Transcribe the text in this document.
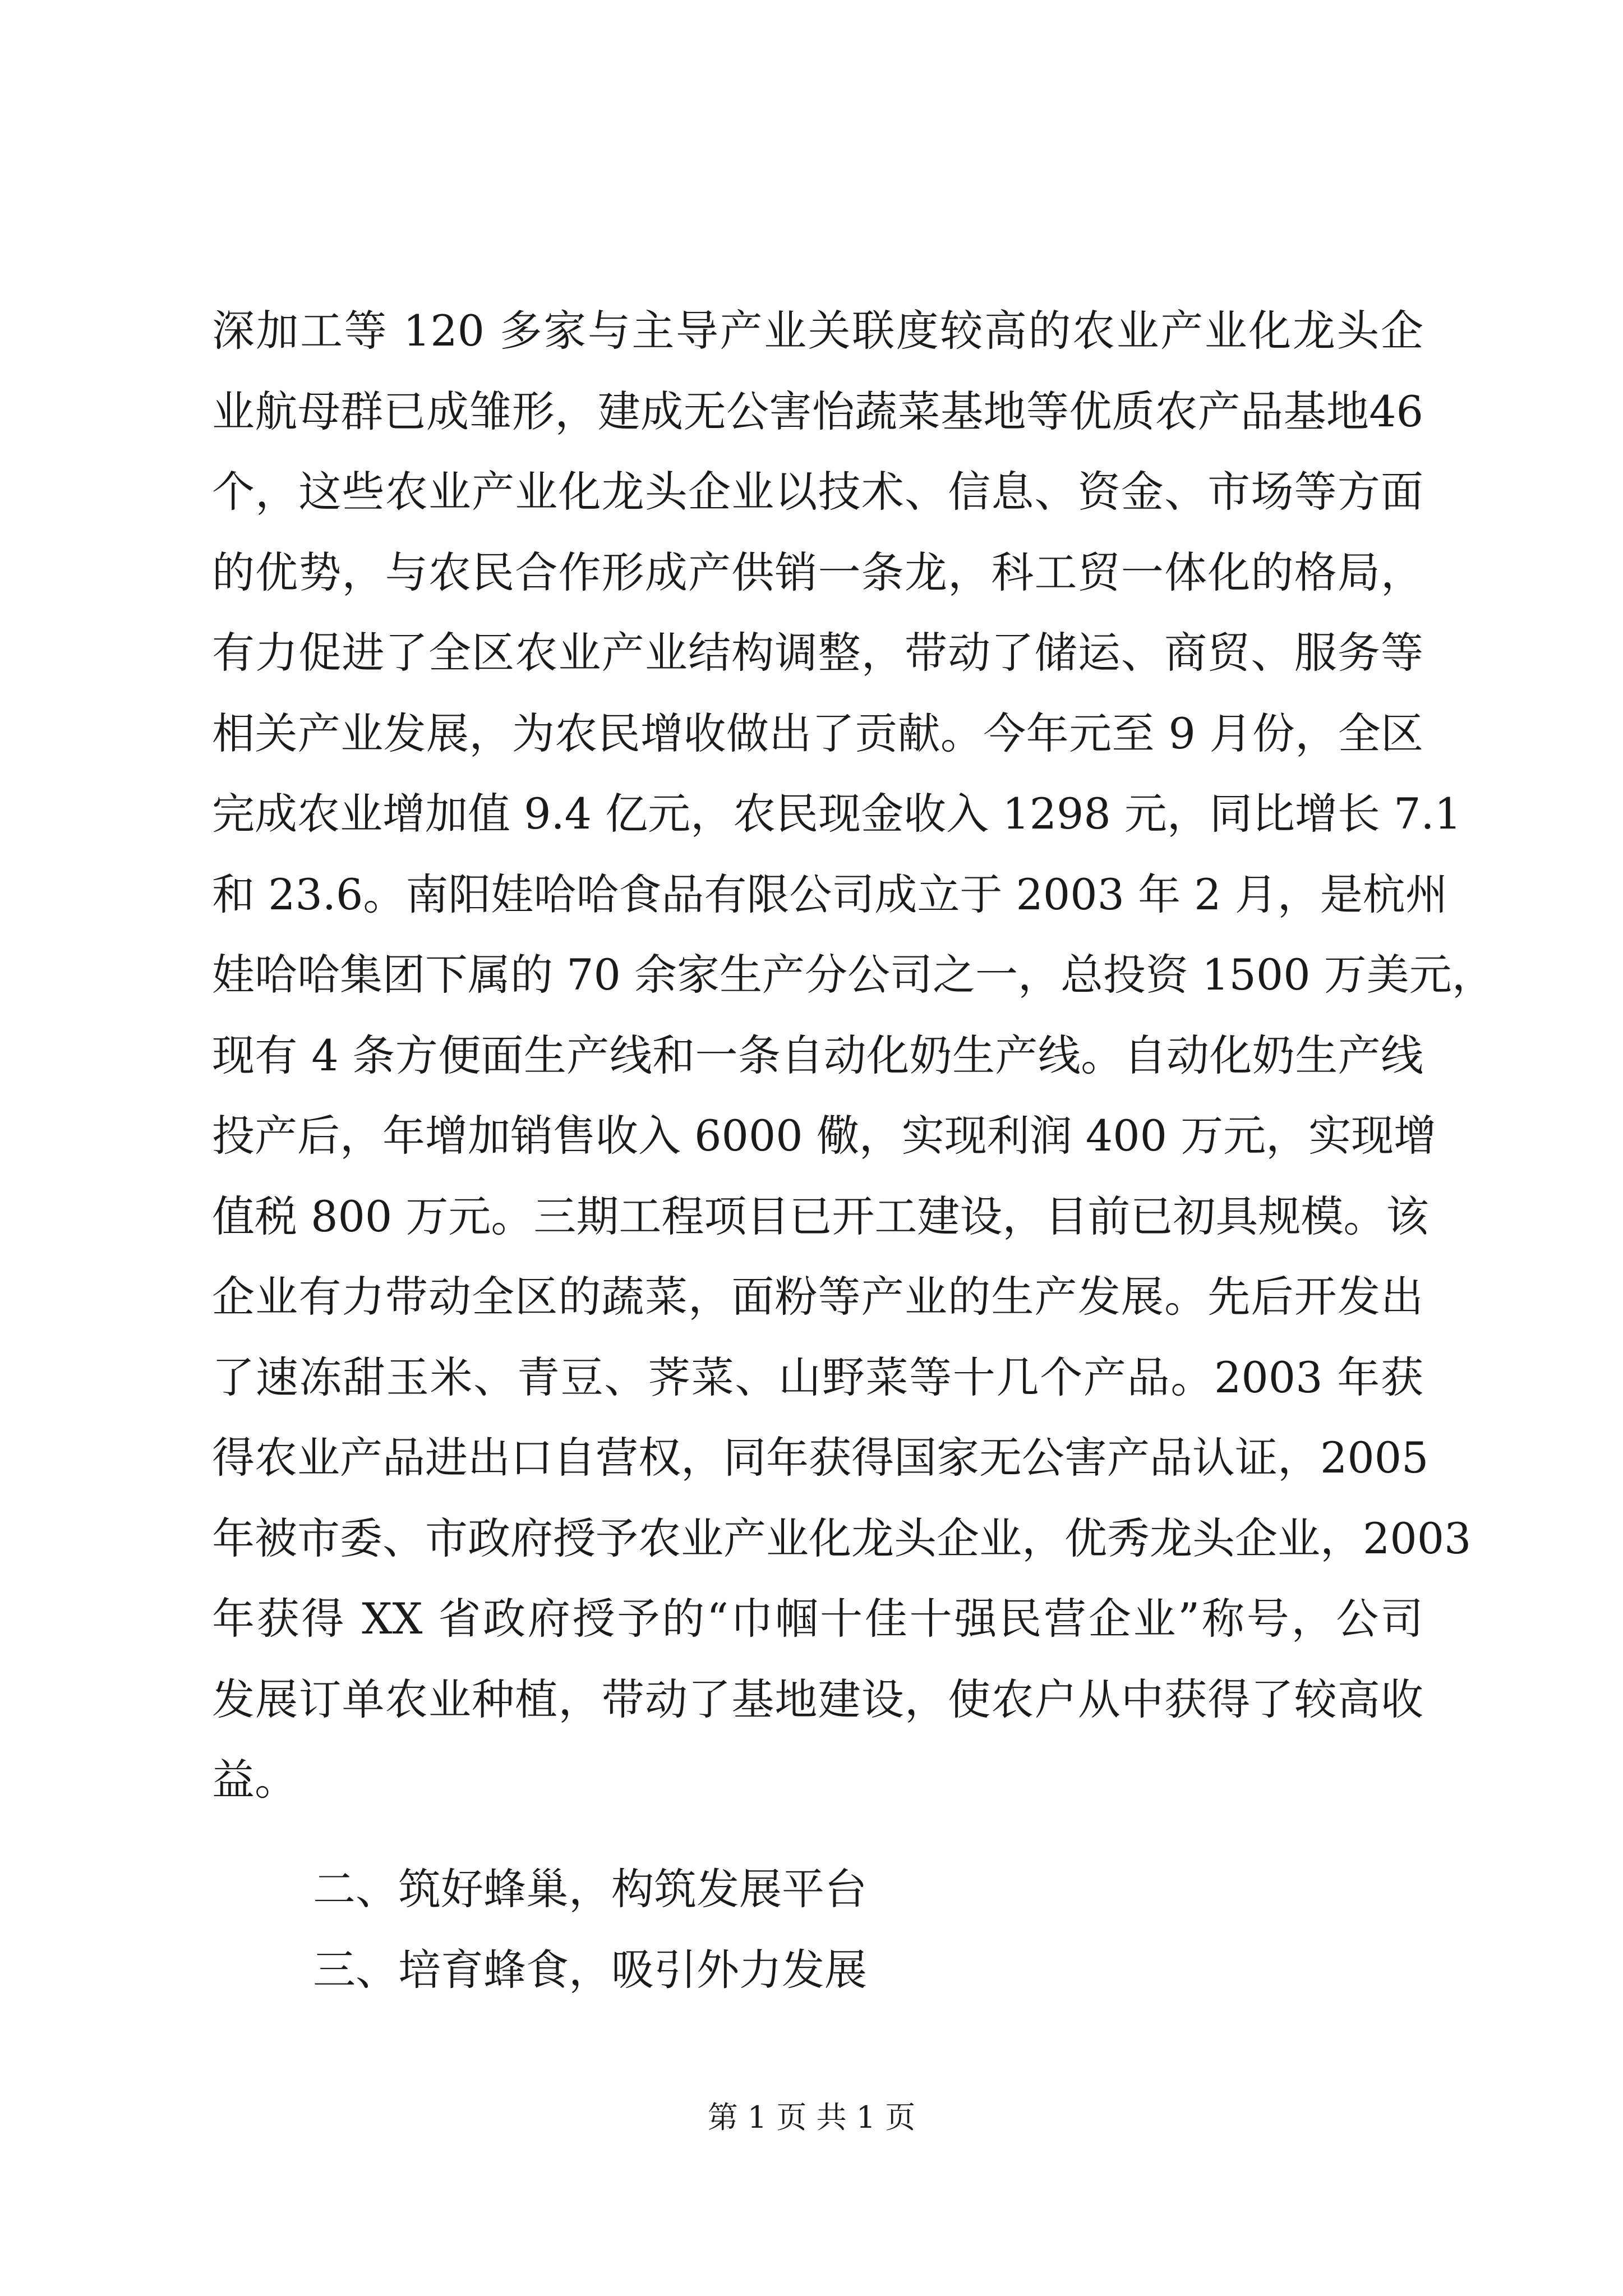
深加工等 120 多家与主导产业关联度较高的农业产业化龙头企
业航母群已成雏形，建成无公害怡蔬菜基地等优质农产品基地46
个，这些农业产业化龙头企业以技术、信息、资金、市场等方面
的优势，与农民合作形成产供销一条龙，科工贸一体化的格局，
有力促进了全区农业产业结构调整，带动了储运、商贸、服务等
相关产业发展，为农民增收做出了贡献。今年元至 9 月份，全区
完成农业增加值 9.4 亿元，农民现金收入 1298 元，同比增长 7.1
和 23.6。南阳娃哈哈食品有限公司成立于 2003 年 2 月，是杭州
娃哈哈集团下属的 70 余家生产分公司之一，总投资 1500 万美元，
现有 4 条方便面生产线和一条自动化奶生产线。自动化奶生产线
投产后，年增加销售收入 6000 儆，实现利润 400 万元，实现增
值税 800 万元。三期工程项目已开工建设，目前已初具规模。该
企业有力带动全区的蔬菜，面粉等产业的生产发展。先后开发出
了速冻甜玉米、青豆、荠菜、山野菜等十几个产品。2003 年获
得农业产品进出口自营权，同年获得国家无公害产品认证，2005
年被市委、市政府授予农业产业化龙头企业，优秀龙头企业，2003
年获得 XX 省政府授予的“巾帼十佳十强民营企业”称号，公司
发展订单农业种植，带动了基地建设，使农户从中获得了较高收
益。
二、筑好蜂巢，构筑发展平台
三、培育蜂食，吸引外力发展
第 1 页 共 1 页
